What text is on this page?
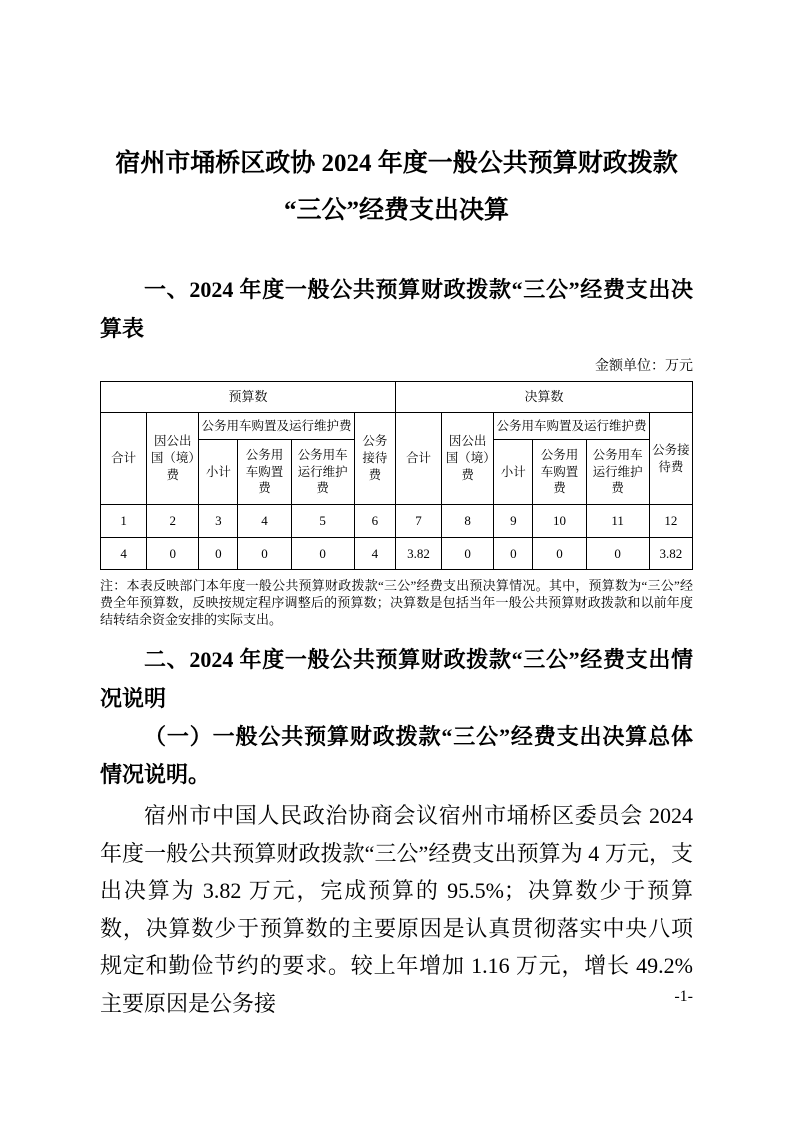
宿州市埇桥区政协 2024 年度一般公共预算财政拨款
“三公”经费支出决算

一、2024 年度一般公共预算财政拨款“三公”经费支出决算表

金额单位：万元

预算数						决算数					
合计	因公出国（境）费	公务用车购置及运行维护费			公务接待费	合计	因公出国（境）费	公务用车购置及运行维护费			公务接待费
		小计	公务用车购置费	公务用车运行维护费				小计	公务用车购置费	公务用车运行维护费	
1	2	3	4	5	6	7	8	9	10	11	12
4	0	0	0	0	4	3.82	0	0	0	0	3.82

注：本表反映部门本年度一般公共预算财政拨款“三公”经费支出预决算情况。其中，预算数为“三公”经费全年预算数，反映按规定程序调整后的预算数；决算数是包括当年一般公共预算财政拨款和以前年度结转结余资金安排的实际支出。

二、2024 年度一般公共预算财政拨款“三公”经费支出情况说明

（一）一般公共预算财政拨款“三公”经费支出决算总体情况说明。

宿州市中国人民政治协商会议宿州市埇桥区委员会 2024 年度一般公共预算财政拨款“三公”经费支出预算为 4 万元，支出决算为 3.82 万元，完成预算的 95.5%；决算数少于预算数，决算数少于预算数的主要原因是认真贯彻落实中央八项规定和勤俭节约的要求。较上年增加 1.16 万元，增长 49.2%主要原因是公务接	-1-
